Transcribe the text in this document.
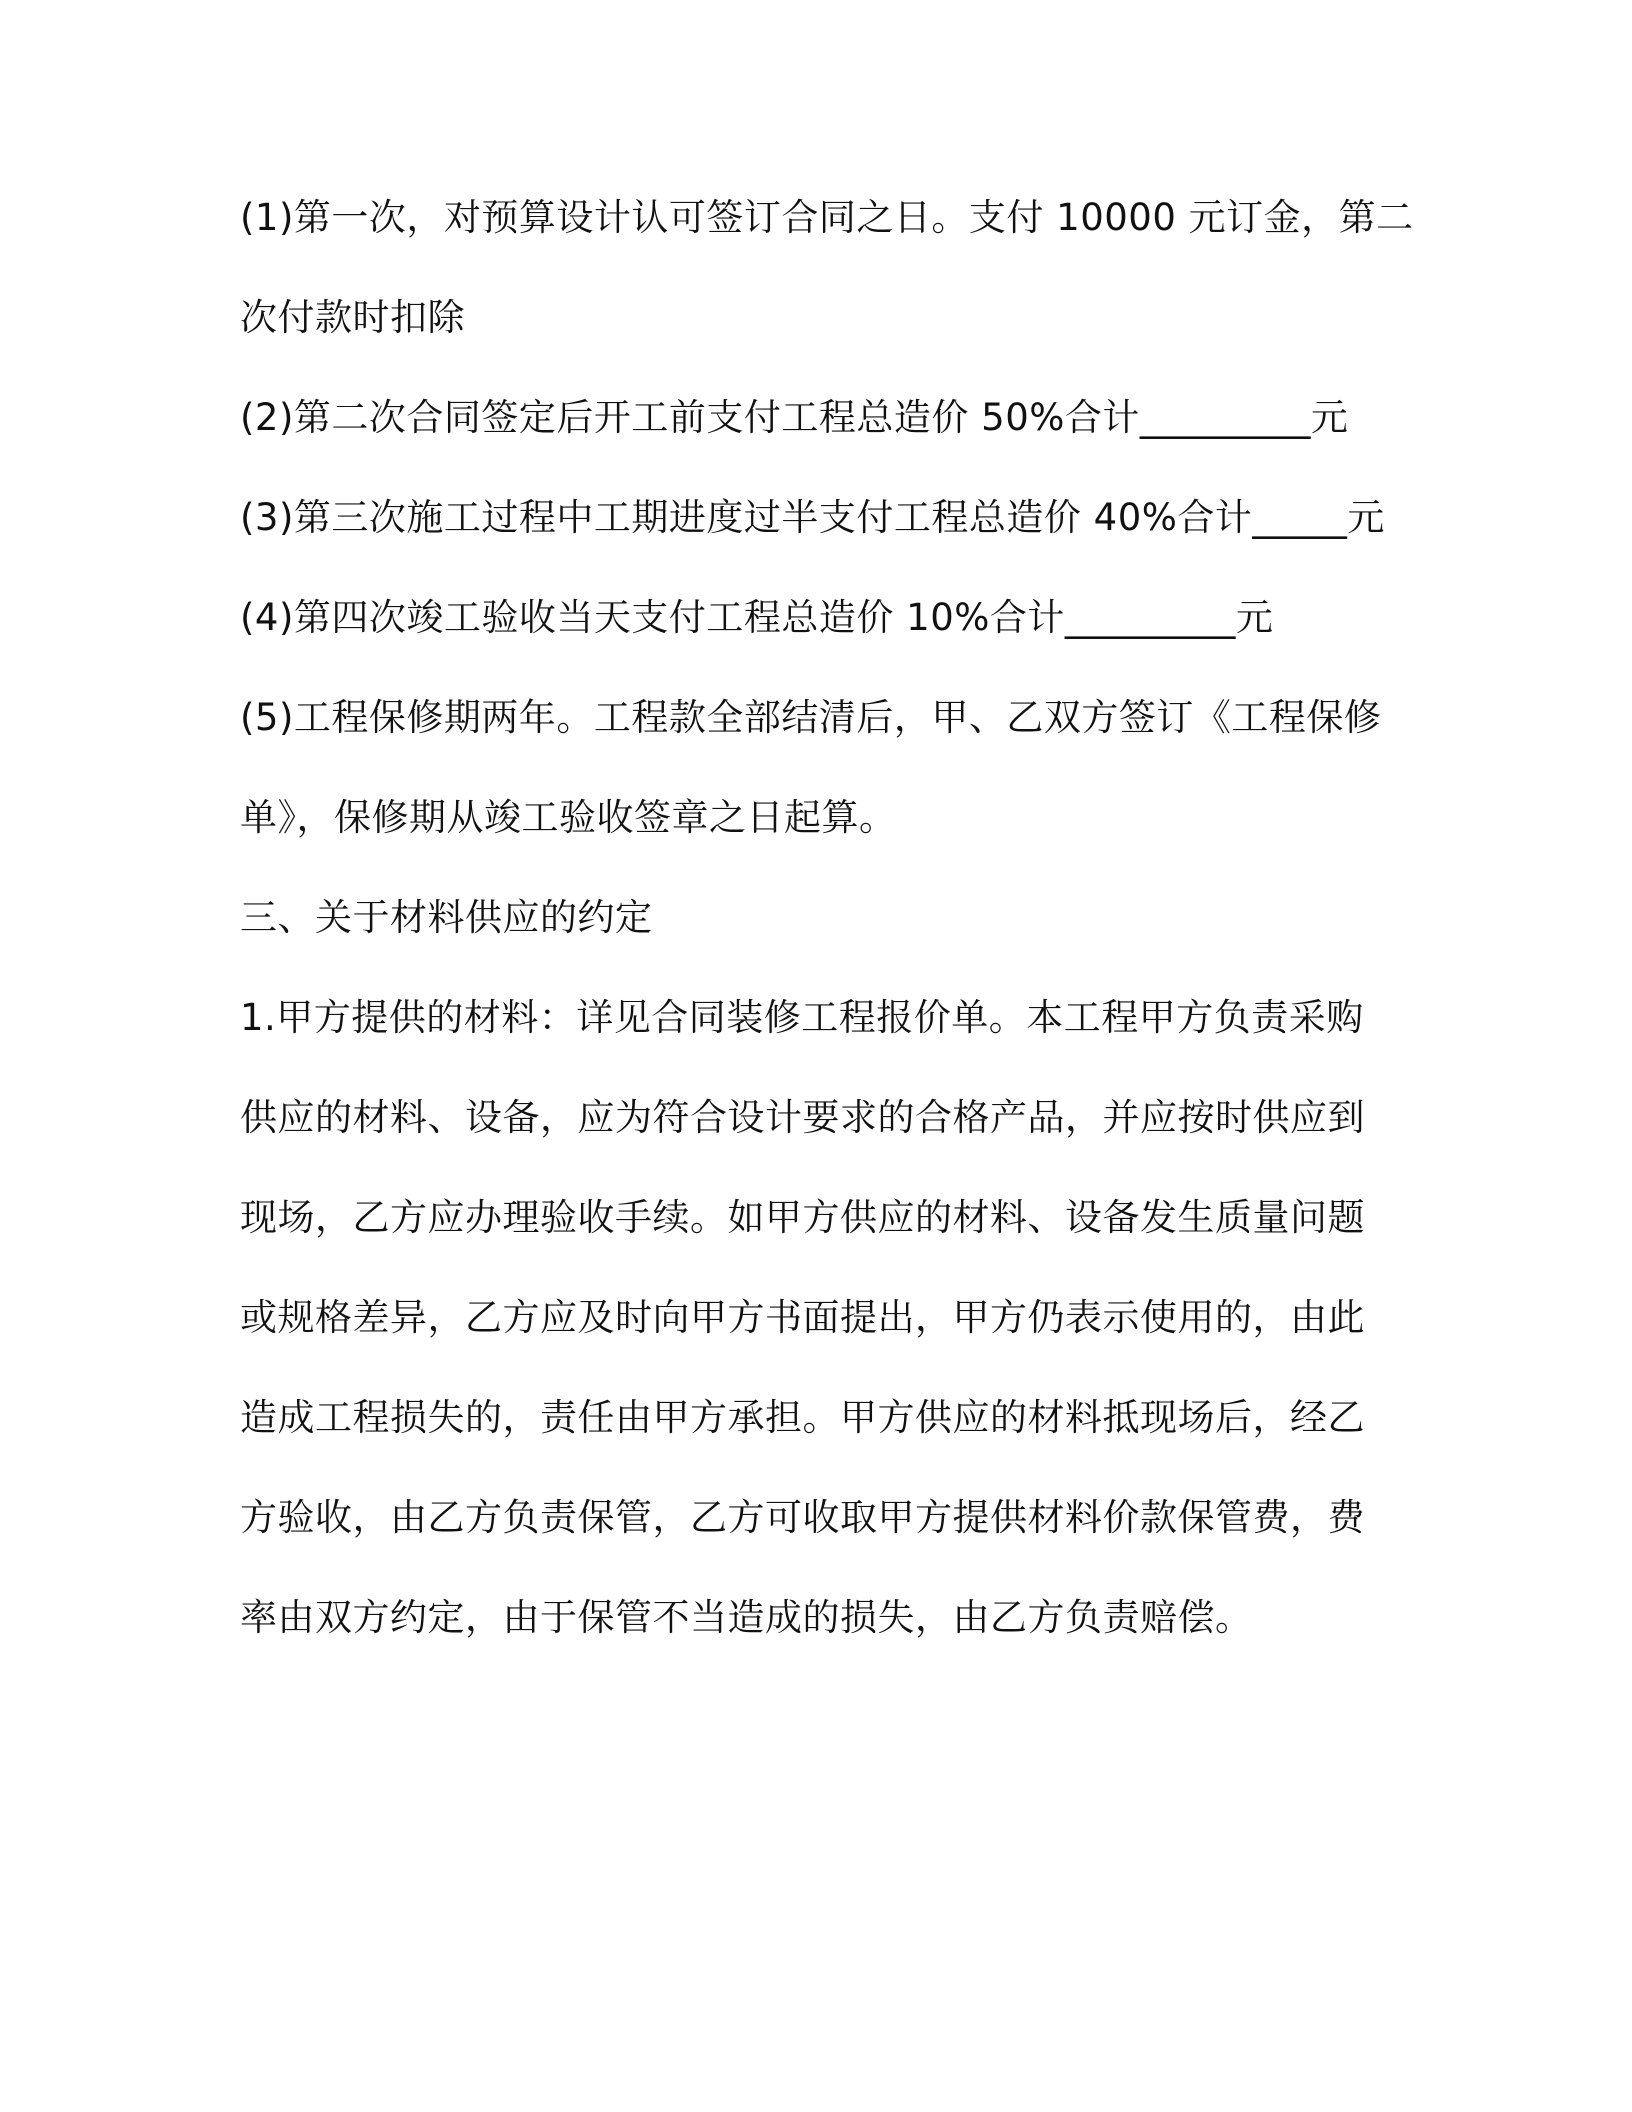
(1)第一次，对预算设计认可签订合同之日。支付 10000 元订金，第二
次付款时扣除
(2)第二次合同签定后开工前支付工程总造价 50%合计_________元
(3)第三次施工过程中工期进度过半支付工程总造价 40%合计_____元
(4)第四次竣工验收当天支付工程总造价 10%合计_________元
(5)工程保修期两年。工程款全部结清后，甲、乙双方签订《工程保修
单》，保修期从竣工验收签章之日起算。
三、关于材料供应的约定
1.甲方提供的材料：详见合同装修工程报价单。本工程甲方负责采购
供应的材料、设备，应为符合设计要求的合格产品，并应按时供应到
现场，乙方应办理验收手续。如甲方供应的材料、设备发生质量问题
或规格差异，乙方应及时向甲方书面提出，甲方仍表示使用的，由此
造成工程损失的，责任由甲方承担。甲方供应的材料抵现场后，经乙
方验收，由乙方负责保管，乙方可收取甲方提供材料价款保管费，费
率由双方约定，由于保管不当造成的损失，由乙方负责赔偿。
